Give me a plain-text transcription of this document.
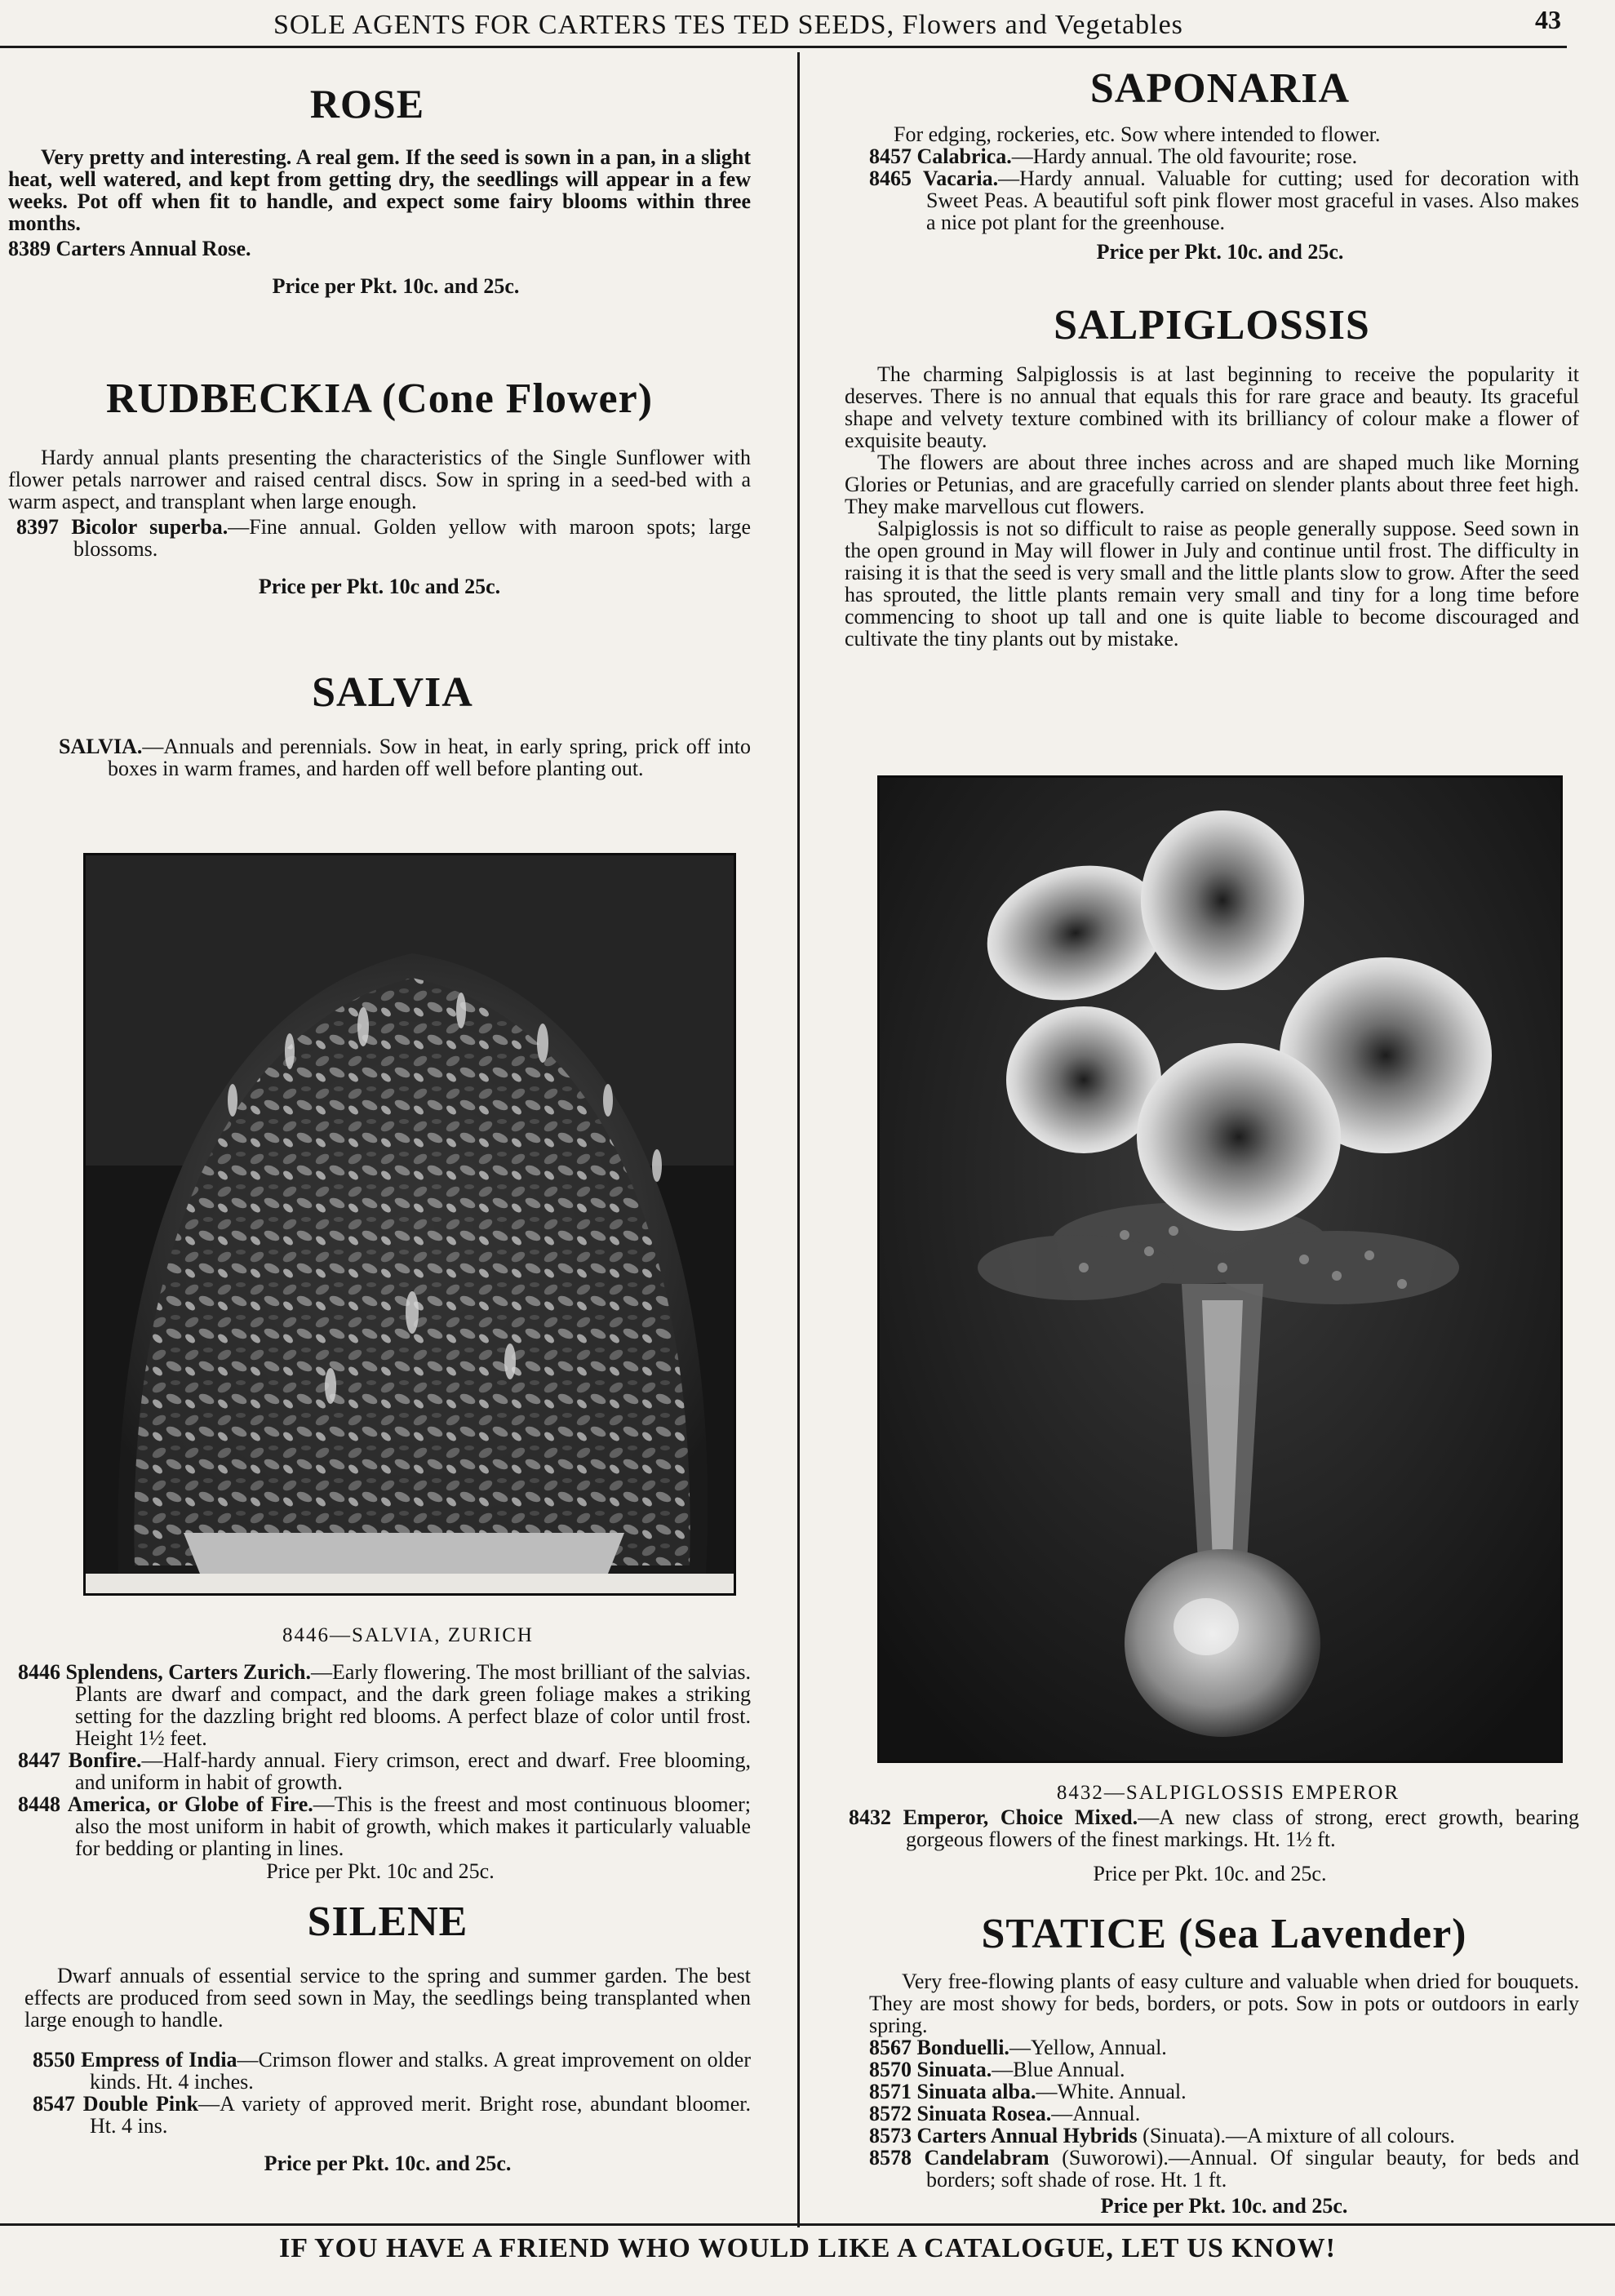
SOLE AGENTS FOR CARTERS TES TED SEEDS, Flowers and Vegetables	43
ROSE

Very pretty and interesting. A real gem. If the seed is sown in a pan, in a slight heat, well watered, and kept from getting dry, the seedlings will appear in a few weeks. Pot off when fit to handle, and expect some fairy blooms within three months.

8389 Carters Annual Rose.
Price per Pkt. 10c. and 25c.
RUDBECKIA (Cone Flower)

Hardy annual plants presenting the characteristics of the Single Sunflower with flower petals narrower and raised central discs. Sow in spring in a seed-bed with a warm aspect, and transplant when large enough.

8397 Bicolor superba.—Fine annual. Golden yellow with maroon spots; large blossoms.
Price per Pkt. 10c and 25c.
SALVIA

SALVIA.—Annuals and perennials. Sow in heat, in early spring, prick off into boxes in warm frames, and harden off well before planting out.

8446—SALVIA, ZURICH
8446 Splendens, Carters Zurich.—Early flowering. The most brilliant of the salvias. Plants are dwarf and compact, and the dark green foliage makes a striking setting for the dazzling bright red blooms. A perfect blaze of color until frost. Height 1½ feet.
8447 Bonfire.—Half-hardy annual. Fiery crimson, erect and dwarf. Free blooming, and uniform in habit of growth.
8448 America, or Globe of Fire.—This is the freest and most continuous bloomer; also the most uniform in habit of growth, which makes it particularly valuable for bedding or planting in lines.
Price per Pkt. 10c and 25c.
SILENE

Dwarf annuals of essential service to the spring and summer garden. The best effects are produced from seed sown in May, the seedlings being transplanted when large enough to handle.

8550 Empress of India—Crimson flower and stalks. A great improvement on older kinds. Ht. 4 inches.
8547 Double Pink—A variety of approved merit. Bright rose, abundant bloomer. Ht. 4 ins.
Price per Pkt. 10c. and 25c.
SAPONARIA

For edging, rockeries, etc. Sow where intended to flower.

8457 Calabrica.—Hardy annual. The old favourite; rose.
8465 Vacaria.—Hardy annual. Valuable for cutting; used for decoration with Sweet Peas. A beautiful soft pink flower most graceful in vases. Also makes a nice pot plant for the greenhouse.
Price per Pkt. 10c. and 25c.
SALPIGLOSSIS

The charming Salpiglossis is at last beginning to receive the popularity it deserves. There is no annual that equals this for rare grace and beauty. Its graceful shape and velvety texture combined with its brilliancy of colour make a flower of exquisite beauty.

The flowers are about three inches across and are shaped much like Morning Glories or Petunias, and are gracefully carried on slender plants about three feet high. They make marvellous cut flowers.

Salpiglossis is not so difficult to raise as people generally suppose. Seed sown in the open ground in May will flower in July and continue until frost. The difficulty in raising it is that the seed is very small and the little plants slow to grow. After the seed has sprouted, the little plants remain very small and tiny for a long time before commencing to shoot up tall and one is quite liable to become discouraged and cultivate the tiny plants out by mistake.

8432—SALPIGLOSSIS EMPEROR
8432 Emperor, Choice Mixed.—A new class of strong, erect growth, bearing gorgeous flowers of the finest markings. Ht. 1½ ft.
Price per Pkt. 10c. and 25c.
STATICE (Sea Lavender)

Very free-flowing plants of easy culture and valuable when dried for bouquets. They are most showy for beds, borders, or pots. Sow in pots or outdoors in early spring.

8567 Bonduelli.—Yellow, Annual.
8570 Sinuata.—Blue Annual.
8571 Sinuata alba.—White. Annual.
8572 Sinuata Rosea.—Annual.
8573 Carters Annual Hybrids (Sinuata).—A mixture of all colours.
8578 Candelabram (Suworowi).—Annual. Of singular beauty, for beds and borders; soft shade of rose. Ht. 1 ft.
Price per Pkt. 10c. and 25c.
IF YOU HAVE A FRIEND WHO WOULD LIKE A CATALOGUE, LET US KNOW!
